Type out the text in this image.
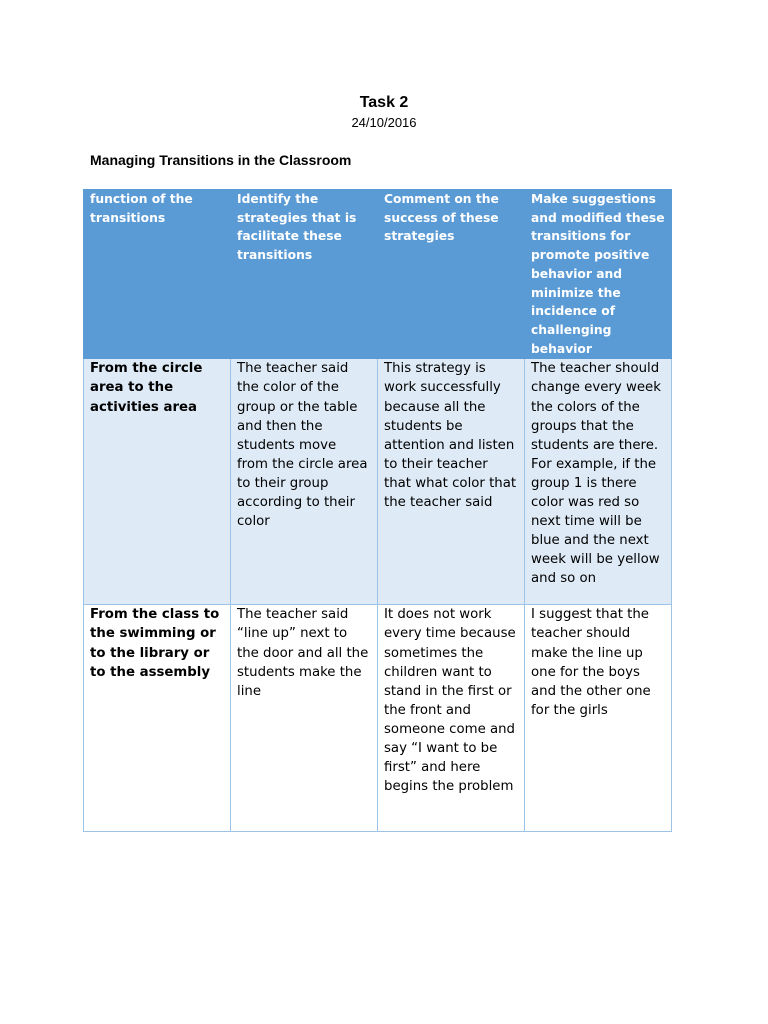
Task 2
24/10/2016
Managing Transitions in the Classroom
function of the transitions	Identify the strategies that is facilitate these transitions	Comment on the success of these strategies	Make suggestions and modified these transitions for promote positive behavior and minimize the incidence of challenging behavior
From the circle area to the activities area	The teacher said the color of the group or the table and then the students move from the circle area to their group according to their color	This strategy is work successfully because all the students be attention and listen to their teacher that what color that the teacher said	The teacher should change every week the colors of the groups that the students are there. For example, if the group 1 is there color was red so next time will be blue and the next week will be yellow and so on
From the class to the swimming or to the library or to the assembly	The teacher said “line up” next to the door and all the students make the line	It does not work every time because sometimes the children want to stand in the first or the front and someone come and say “I want to be first” and here begins the problem	I suggest that the teacher should make the line up one for the boys and the other one for the girls
